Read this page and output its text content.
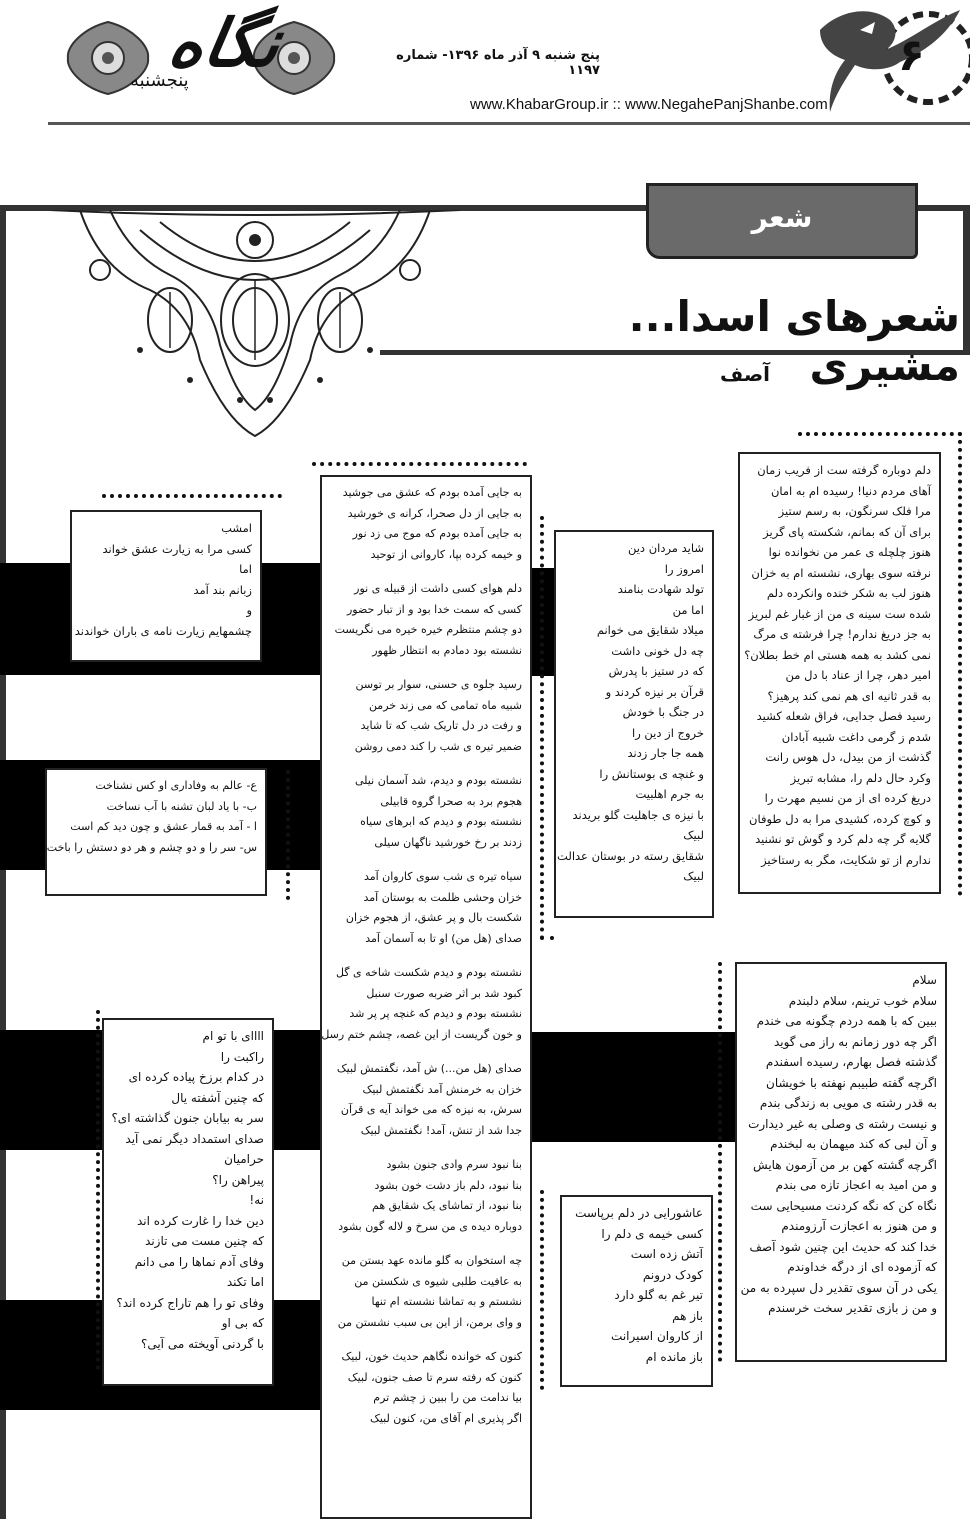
۶
نگاه
پنجشنبه
پنج شنبه ۹ آذر ماه ۱۳۹۶- شماره ۱۱۹۷
www.KhabarGroup.ir :: www.NegahePanjShanbe.com
شعر
شعرهای اسدا... مشیری
آصف
دلم دوباره گرفته ست از فریب زمان
آهای مردم دنیا! رسیده ام به امان
مرا فلک سرنگون، به رسم ستیز
برای آن که بمانم، شکسته پای گریز
هنوز چلچله ی عمر من نخوانده نوا
نرفته سوی بهاری، نشسته ام به خزان
هنوز لب به شکر خنده وانکرده دلم
شده ست سینه ی من از غبار غم لبریز
به جز دریغ ندارم! چرا فرشته ی مرگ
نمی کشد به همه هستی ام خط بطلان؟
امیر دهر، چرا از عناد با دل من
به قدر ثانیه ای هم نمی کند پرهیز؟
رسید فصل جدایی، فراق شعله کشید
شدم ز گرمی داغت شبیه آبادان
گذشت از من بیدل، دل هوس رانت
وکرد حال دلم را، مشابه تبریز
دریغ کرده ای از من نسیم مهرت را
و کوچ کرده، کشیدی مرا به دل طوفان
گلایه گر چه دلم کرد و گوش تو نشنید
ندارم از تو شکایت، مگر به رستاخیز
شاید مردان دین
امروز را
تولد شهادت بنامند
اما من
میلاد شقایق می خوانم
چه دل خونی داشت
که در ستیز با پدرش
قرآن بر نیزه کردند و
در جنگ با خودش
خروج از دین را
همه جا جار زدند
و غنچه ی بوستانش را
به جرم اهلبیت
با نیزه ی جاهلیت گلو بریدند
لبیک
شقایق رسته در بوستان عدالت
لبیک
به جایی آمده بودم که عشق می جوشید
به جایی از دل صحرا، کرانه ی خورشید
به جایی آمده بودم که موج می زد نور
و خیمه کرده بپا، کاروانی از توحید
دلم هوای کسی داشت از قبیله ی نور
کسی که سمت خدا بود و از تبار حضور
دو چشم منتظرم خیره خیره می نگریست
نشسته بود دمادم به انتظار ظهور
رسید جلوه ی حسنی، سوار بر توسن
شبیه ماه تمامی که می زند خرمن
و رفت در دل تاریک شب که تا شاید
ضمیر تیره ی شب را کند دمی روشن
نشسته بودم و دیدم، شد آسمان نیلی
هجوم برد به صحرا گروه قابیلی
نشسته بودم و دیدم که ابرهای سیاه
زدند بر رخ خورشید ناگهان سیلی
سیاه تیره ی شب سوی کاروان آمد
خزان وحشی ظلمت به بوستان آمد
شکست بال و پر عشق، از هجوم خزان
صدای (هل من) او تا به آسمان آمد
نشسته بودم و دیدم شکست شاخه ی گل
کبود شد بر اثر ضربه صورت سنبل
نشسته بودم و دیدم که غنچه پر پر شد
و خون گریست از این غصه، چشم ختم رسل
صدای (هل من...) ش آمد، نگفتمش لبیک
خزان به خرمنش آمد نگفتمش لبیک
سرش، به نیزه که می خواند آیه ی قرآن
جدا شد از تنش، آمد! نگفتمش لبیک
بنا نبود سرم وادی جنون بشود
بنا نبود، دلم باز دشت خون بشود
بنا نبود، از تماشای یک شقایق هم
دوباره دیده ی من سرخ و لاله گون بشود
چه استخوان به گلو مانده عهد بستن من
به عافیت طلبی شیوه ی شکستن من
نشستم و به تماشا نشسته ام تنها
و وای برمن، از این بی سبب نشستن من
کنون که خوانده نگاهم حدیث خون، لبیک
کنون که رفته سرم تا صف جنون، لبیک
بیا ندامت من را ببین ز چشم ترم
اگر پذیری ام آقای من، کنون لبیک
امشب
کسی مرا به زیارت عشق خواند
اما
زبانم بند آمد
و
چشمهایم زیارت نامه ی باران خواندند
ع- عالم به وفاداری او کس نشناخت
ب- با یاد لبان تشنه با آب نساخت
ا - آمد به قمار عشق و چون دید کم است
س- سر را و دو چشم و هر دو دستش را باخت
سلام
سلام خوب ترینم، سلام دلبندم
ببین که با همه دردم چگونه می خندم
اگر چه دور زمانم به راز می گوید
گذشته فصل بهارم، رسیده اسفندم
اگرچه گفته طبیبم نهفته با خویشان
به قدر رشته ی مویی به زندگی بندم
و نیست رشته ی وصلی به غیر دیدارت
و آن لبی که کند میهمان به لبخندم
اگرچه گشته کهن بر من آزمون هایش
و من امید به اعجاز تازه می بندم
نگاه کن که نگه کردنت مسیحایی ست
و من هنوز به اعجازت آرزومندم
خدا کند که حدیث این چنین شود آصف
که آزموده ای از درگه خداوندم
یکی در آن سوی تقدیر دل سپرده به من
و من ز بازی تقدیر سخت خرسندم
اااای با تو ام
راکبت را
در کدام برزخ پیاده کرده ای
که چنین آشفته یال
سر به بیابان جنون گذاشته ای؟
صدای استمداد دیگر نمی آید
حرامیان
پیراهن را؟
نه!
دین خدا را غارت کرده اند
که چنین مست می تازند
وفای آدم نماها را می دانم
اما تکند
وفای تو را هم تاراج کرده اند؟
که بی او
با گردنی آویخته می آیی؟
عاشورایی در دلم برپاست
کسی خیمه ی دلم را
آتش زده است
کودک درونم
تیر غم به گلو دارد
باز هم
از کاروان اسیرانت
باز مانده ام
